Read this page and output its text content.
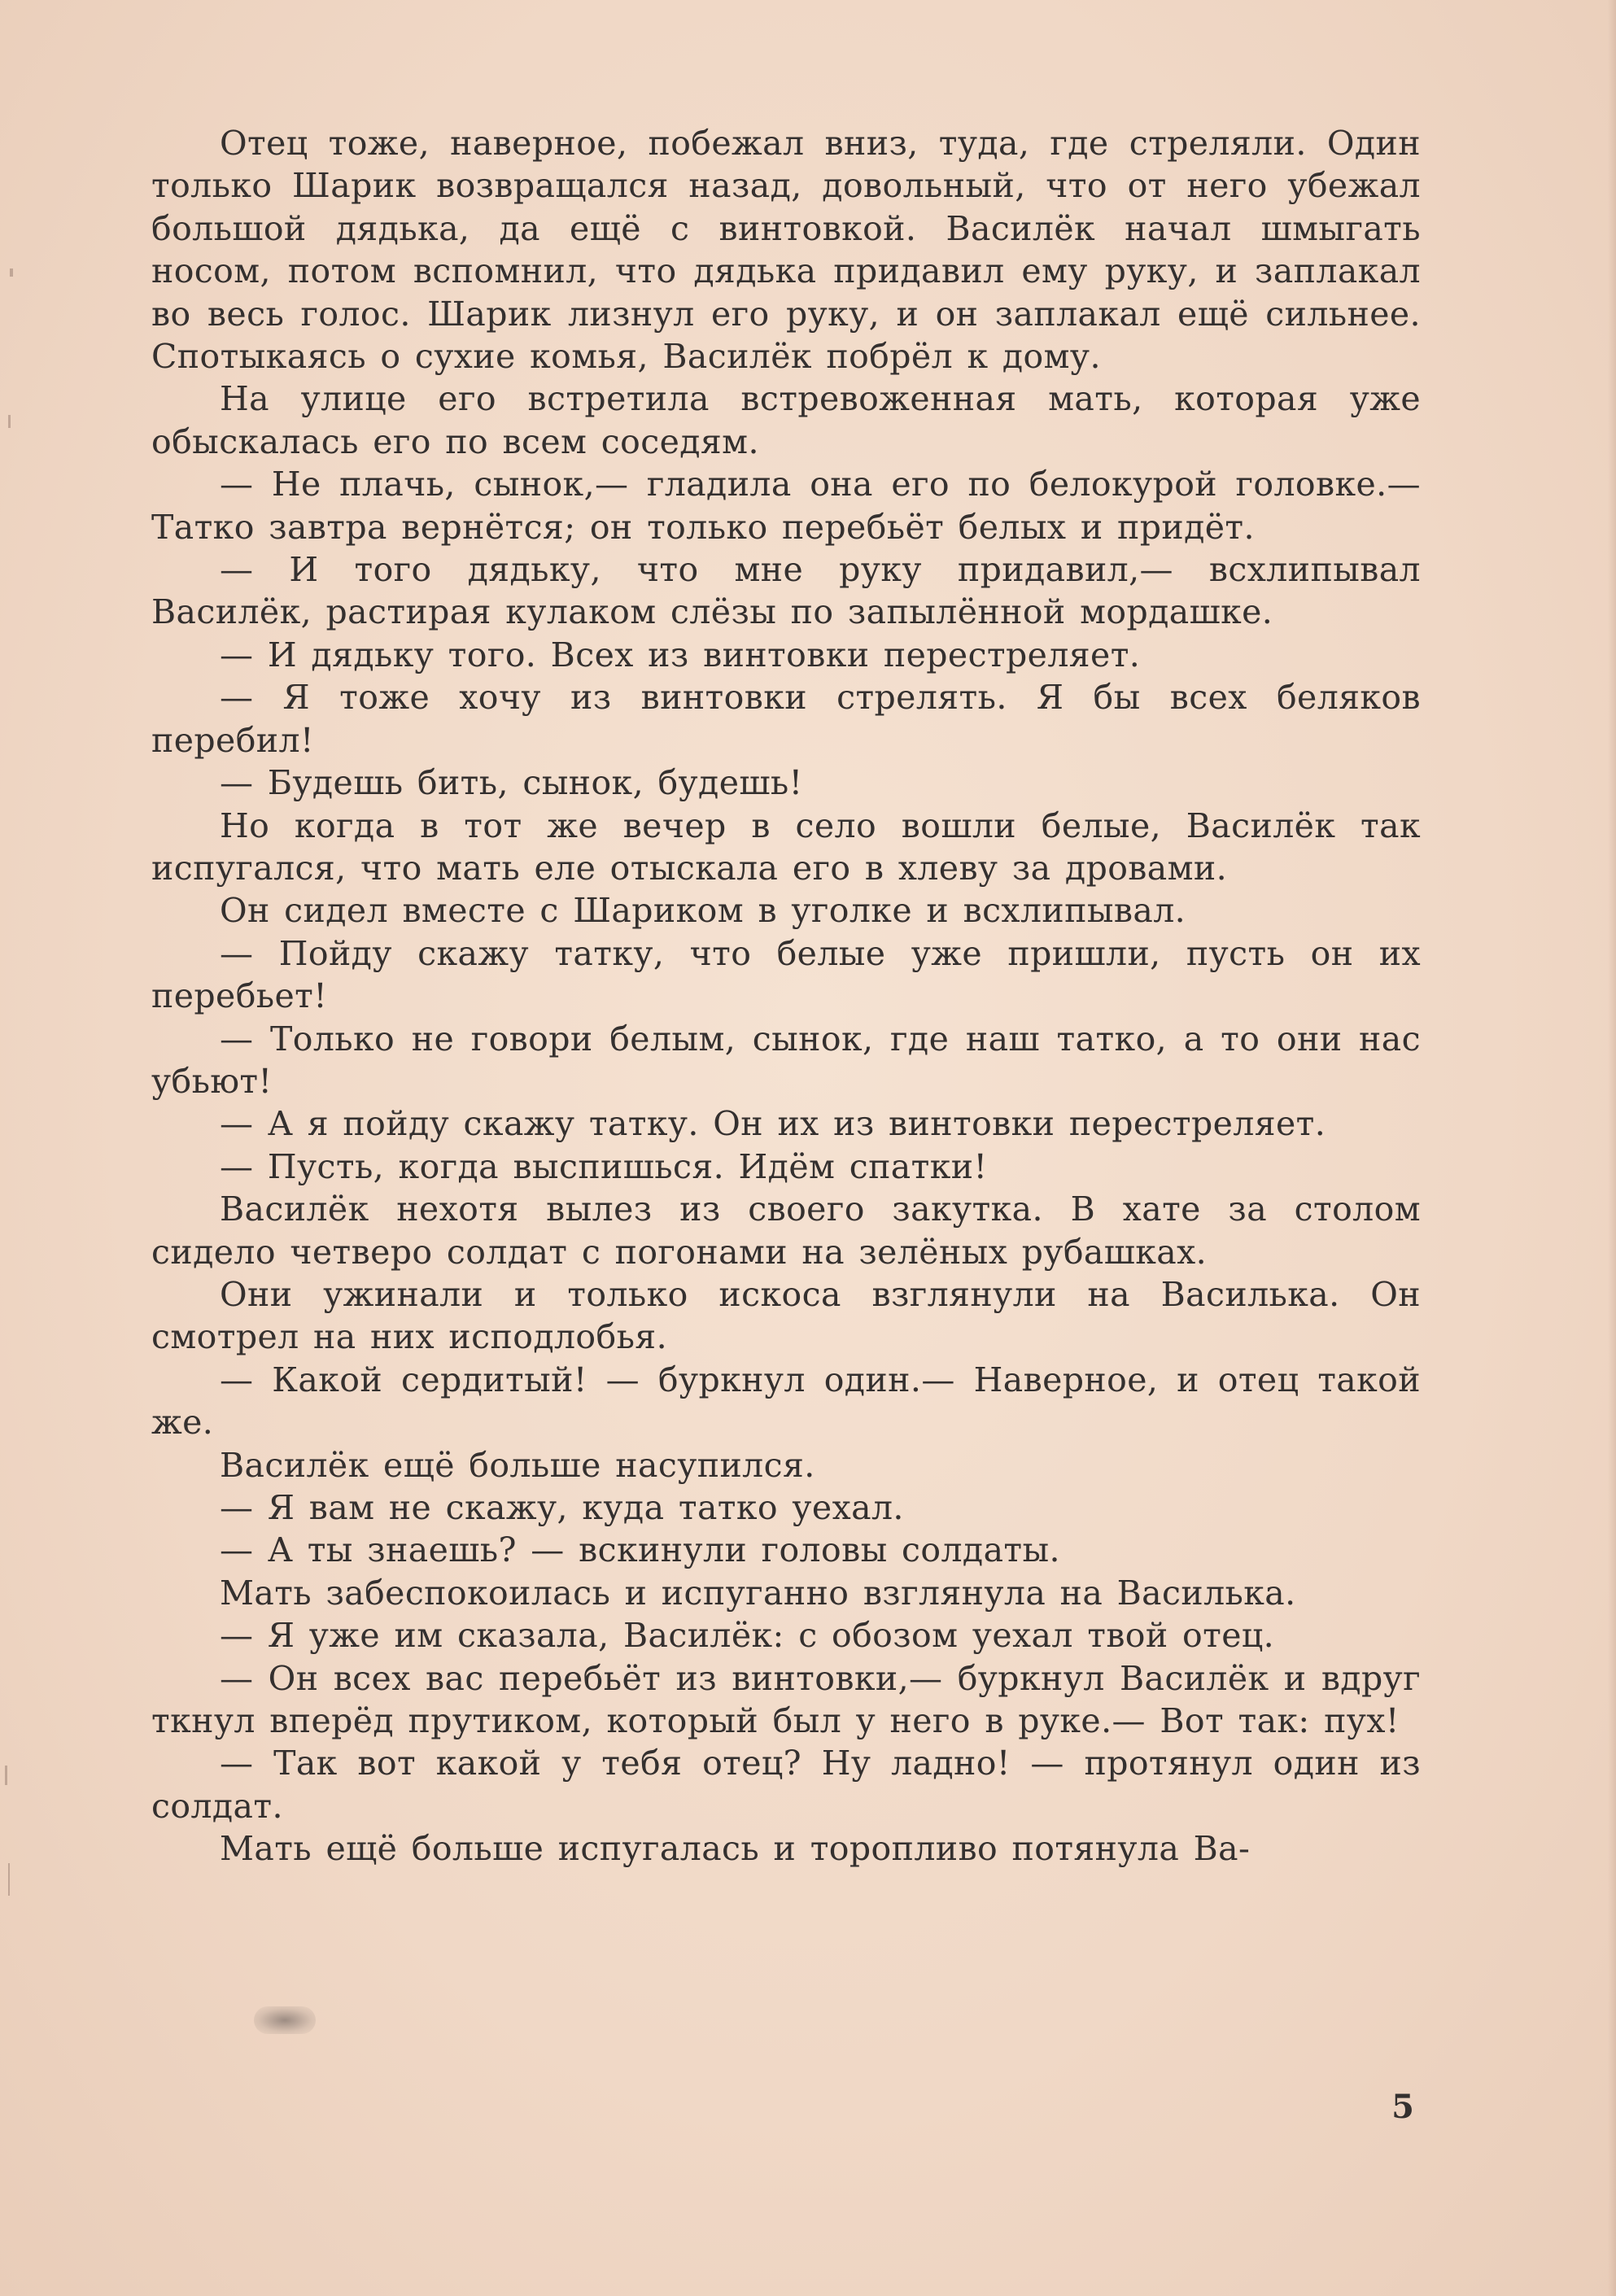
Отец тоже, наверное, побежал вниз, туда, где стреляли. Один только Шарик возвращался назад, довольный, что от него убежал большой дядька, да ещё с винтовкой. Василёк начал шмыгать носом, потом вспомнил, что дядька придавил ему руку, и заплакал во весь голос. Шарик лизнул его руку, и он заплакал ещё сильнее. Спотыкаясь о сухие комья, Василёк побрёл к дому.

На улице его встретила встревоженная мать, которая уже обыскалась его по всем соседям.

— Не плачь, сынок,— гладила она его по белокурой головке.— Татко завтра вернётся; он только перебьёт белых и придёт.

— И того дядьку, что мне руку придавил,— всхлипывал Василёк, растирая кулаком слёзы по запылённой мордашке.

— И дядьку того. Всех из винтовки перестреляет.

— Я тоже хочу из винтовки стрелять. Я бы всех беляков перебил!

— Будешь бить, сынок, будешь!

Но когда в тот же вечер в село вошли белые, Василёк так испугался, что мать еле отыскала его в хлеву за дровами.

Он сидел вместе с Шариком в уголке и всхлипывал.

— Пойду скажу татку, что белые уже пришли, пусть он их перебьет!

— Только не говори белым, сынок, где наш татко, а то они нас убьют!

— А я пойду скажу татку. Он их из винтовки перестреляет.

— Пусть, когда выспишься. Идём спатки!

Василёк нехотя вылез из своего закутка. В хате за столом сидело четверо солдат с погонами на зелёных рубашках.

Они ужинали и только искоса взглянули на Василька. Он смотрел на них исподлобья.

— Какой сердитый! — буркнул один.— Наверное, и отец такой же.

Василёк ещё больше насупился.

— Я вам не скажу, куда татко уехал.

— А ты знаешь? — вскинули головы солдаты.

Мать забеспокоилась и испуганно взглянула на Василька.

— Я уже им сказала, Василёк: с обозом уехал твой отец.

— Он всех вас перебьёт из винтовки,— буркнул Василёк и вдруг ткнул вперёд прутиком, который был у него в руке.— Вот так: пух!

— Так вот какой у тебя отец? Ну ладно! — протянул один из солдат.

Мать ещё больше испугалась и торопливо потянула Ва-

5
